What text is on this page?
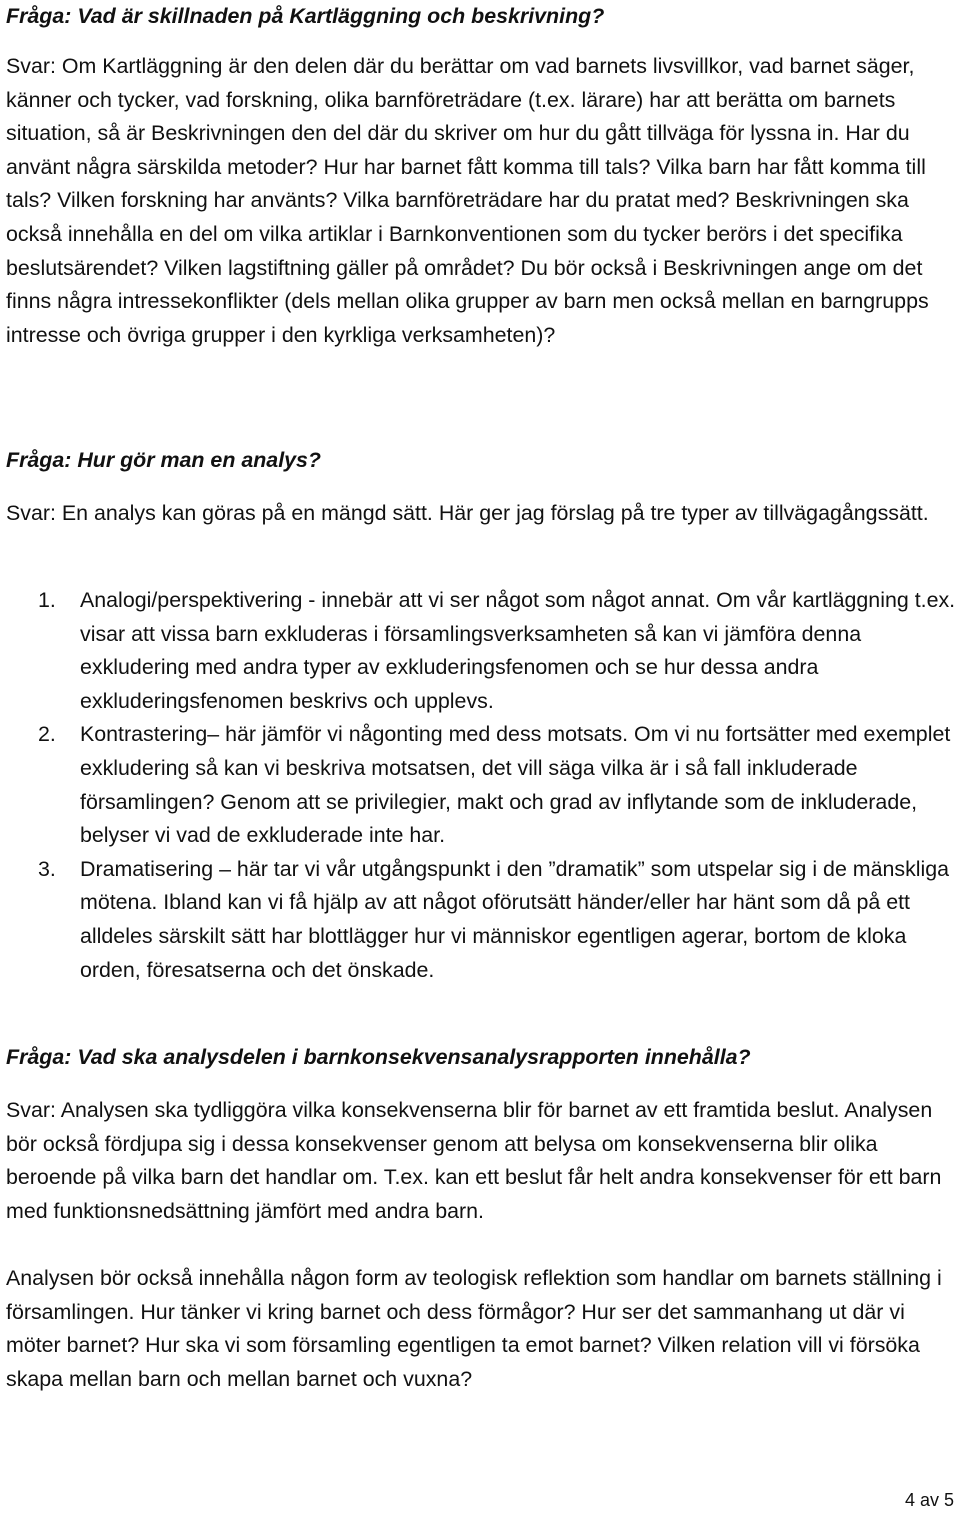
Fråga: Vad är skillnaden på Kartläggning och beskrivning?

Svar: Om Kartläggning är den delen där du berättar om vad barnets livsvillkor, vad barnet säger, känner och tycker, vad forskning, olika barnföreträdare (t.ex. lärare) har att berätta om barnets situation, så är Beskrivningen den del där du skriver om hur du gått tillväga för lyssna in. Har du använt några särskilda metoder? Hur har barnet fått komma till tals? Vilka barn har fått komma till tals? Vilken forskning har använts? Vilka barnföreträdare har du pratat med? Beskrivningen ska också innehålla en del om vilka artiklar i Barnkonventionen som du tycker berörs i det specifika beslutsärendet? Vilken lagstiftning gäller på området? Du bör också i Beskrivningen ange om det finns några intressekonflikter (dels mellan olika grupper av barn men också mellan en barngrupps intresse och övriga grupper i den kyrkliga verksamheten)?

Fråga: Hur gör man en analys?

Svar: En analys kan göras på en mängd sätt. Här ger jag förslag på tre typer av tillvägagångssätt.

1. Analogi/perspektivering - innebär att vi ser något som något annat. Om vår kartläggning t.ex. visar att vissa barn exkluderas i församlingsverksamheten så kan vi jämföra denna exkludering med andra typer av exkluderingsfenomen och se hur dessa andra exkluderingsfenomen beskrivs och upplevs.
2. Kontrastering– här jämför vi någonting med dess motsats. Om vi nu fortsätter med exemplet exkludering så kan vi beskriva motsatsen, det vill säga vilka är i så fall inkluderade församlingen? Genom att se privilegier, makt och grad av inflytande som de inkluderade, belyser vi vad de exkluderade inte har.
3. Dramatisering – här tar vi vår utgångspunkt i den ”dramatik” som utspelar sig i de mänskliga mötena. Ibland kan vi få hjälp av att något oförutsätt händer/eller har hänt som då på ett alldeles särskilt sätt har blottlägger hur vi människor egentligen agerar, bortom de kloka orden, föresatserna och det önskade.

Fråga: Vad ska analysdelen i barnkonsekvensanalysrapporten innehålla?

Svar: Analysen ska tydliggöra vilka konsekvenserna blir för barnet av ett framtida beslut. Analysen bör också fördjupa sig i dessa konsekvenser genom att belysa om konsekvenserna blir olika beroende på vilka barn det handlar om. T.ex. kan ett beslut får helt andra konsekvenser för ett barn med funktionsnedsättning jämfört med andra barn.

Analysen bör också innehålla någon form av teologisk reflektion som handlar om barnets ställning i församlingen. Hur tänker vi kring barnet och dess förmågor? Hur ser det sammanhang ut där vi möter barnet? Hur ska vi som församling egentligen ta emot barnet? Vilken relation vill vi försöka skapa mellan barn och mellan barnet och vuxna?

4 av 5
